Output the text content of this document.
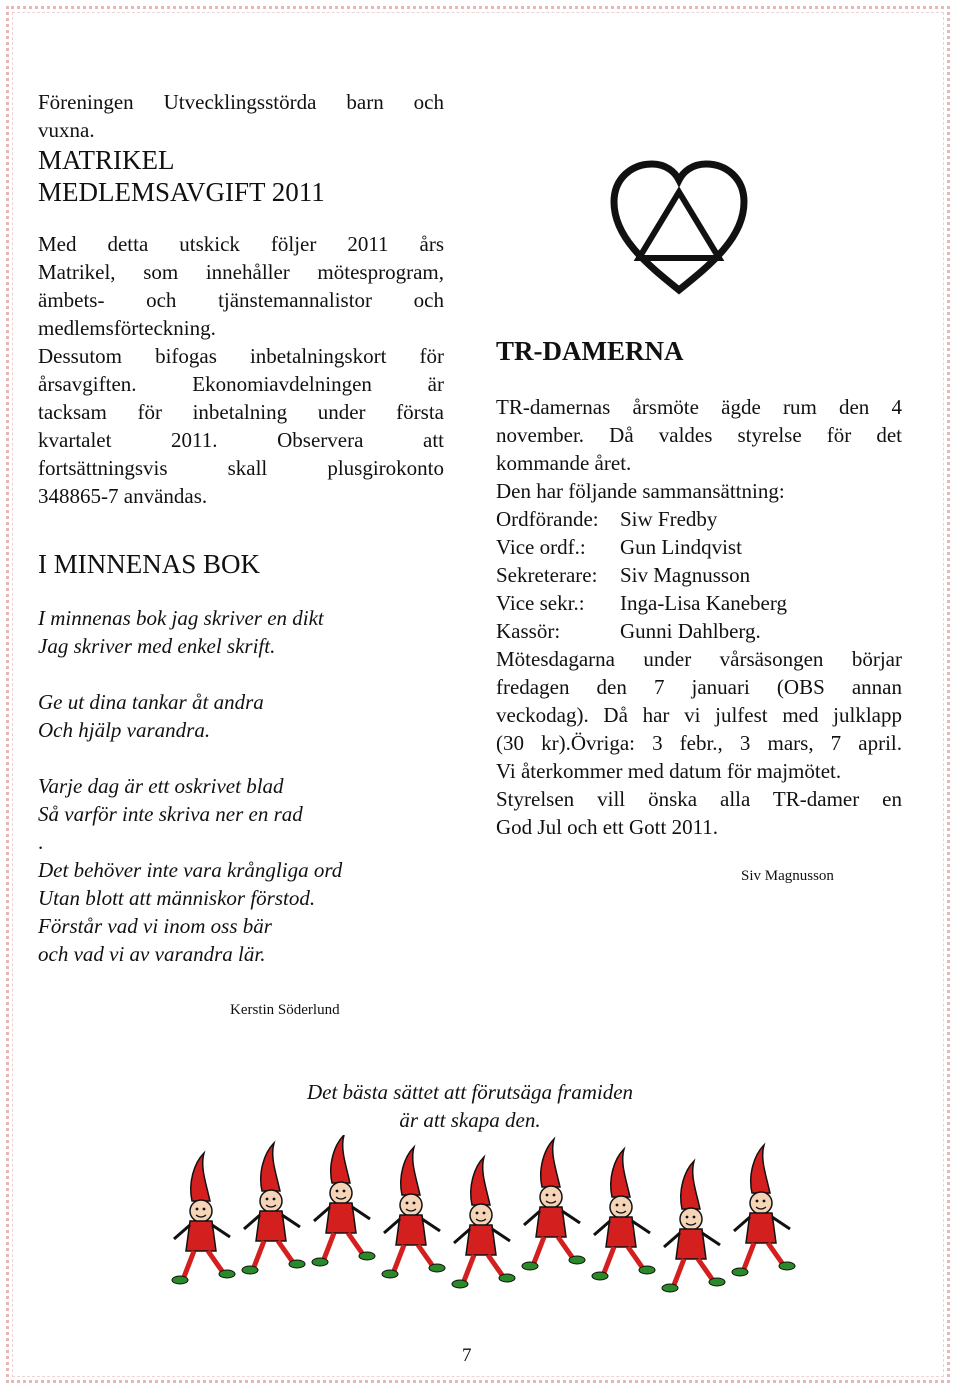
Föreningen Utvecklingsstörda barn och
vuxna.

MATRIKEL
MEDLEMSAVGIFT 2011

Med detta utskick följer 2011 års
Matrikel, som innehåller mötesprogram,
ämbets- och tjänstemannalistor och
medlemsförteckning.
Dessutom bifogas inbetalningskort för
årsavgiften. Ekonomiavdelningen är
tacksam för inbetalning under första
kvartalet 2011. Observera att
fortsättningsvis skall plusgirokonto
348865-7 användas.

I MINNENAS BOK
I minnenas bok jag skriver en dikt
Jag skriver med enkel skrift.
Ge ut dina tankar åt andra
Och hjälp varandra.
Varje dag är ett oskrivet blad
Så varför inte skriva ner en rad
.
Det behöver inte vara krångliga ord
Utan blott att människor förstod.
Förstår vad vi inom oss bär
och vad vi av varandra lär.
Kerstin Söderlund
TR-DAMERNA
TR-damernas årsmöte ägde rum den 4
november. Då valdes styrelse för det
kommande året.
Den har följande sammansättning:
Ordförande:	Siw Fredby
Vice ordf.:	Gun Lindqvist
Sekreterare:	Siv Magnusson
Vice sekr.:	Inga-Lisa Kaneberg
Kassör:	Gunni Dahlberg.
Mötesdagarna under vårsäsongen börjar
fredagen den 7 januari (OBS annan
veckodag). Då har vi julfest med julklapp
(30 kr).Övriga: 3 febr., 3 mars, 7 april.
Vi återkommer med datum för majmötet.
Styrelsen vill önska alla TR-damer en
God Jul och ett Gott 2011.
Siv Magnusson
Det bästa sättet att förutsäga framiden
är att skapa den.
7
